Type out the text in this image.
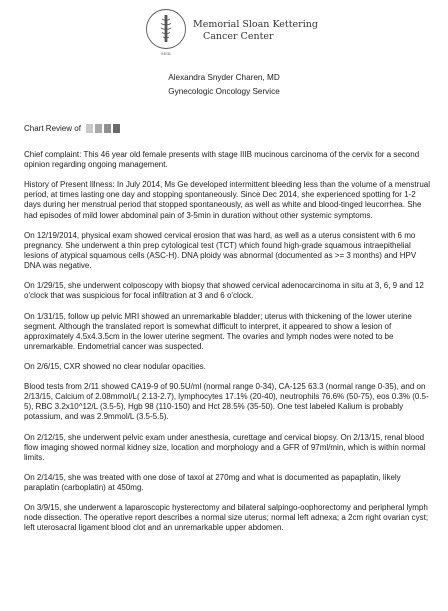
MSK
Memorial Sloan Kettering
Cancer Center
Alexandra Snyder Charen, MD
Gynecologic Oncology Service
Chart Review of

Chief complaint: This 46 year old female presents with stage IIIB mucinous carcinoma of the cervix for a second opinion regarding ongoing management.

History of Present Illness: In July 2014, Ms Ge developed intermittent bleeding less than the volume of a menstrual period, at times lasting one day and stopping spontaneously. Since Dec 2014, she experienced spotting for 1-2 days during her menstrual period that stopped spontaneously, as well as white and blood-tinged leucorrhea. She had episodes of mild lower abdominal pain of 3-5min in duration without other systemic symptoms.

On 12/19/2014, physical exam showed cervical erosion that was hard, as well as a uterus consistent with 6 mo pregnancy. She underwent a thin prep cytological test (TCT) which found high-grade squamous intraepithelial lesions of atypical squamous cells (ASC-H). DNA ploidy was abnormal (documented as >= 3 months) and HPV DNA was negative.

On 1/29/15, she underwent colposcopy with biopsy that showed cervical adenocarcinoma in situ at 3, 6, 9 and 12 o'clock that was suspicious for focal infiltration at 3 and 6 o'clock.

On 1/31/15, follow up pelvic MRI showed an unremarkable bladder; uterus with thickening of the lower uterine segment. Although the translated report is somewhat difficult to interpret, it appeared to show a lesion of approximately 4.5x4.3.5cm in the lower uterine segment. The ovaries and lymph nodes were noted to be unremarkable. Endometrial cancer was suspected.

On 2/6/15, CXR showed no clear nodular opacities.

Blood tests from 2/11 showed CA19-9 of 90.5U/ml (normal range 0-34), CA-125 63.3 (normal range 0-35), and on 2/13/15, Calcium of 2.08mmol/L( 2.13-2.7), lymphocytes 17.1% (20-40), neutrophils 76.6% (50-75), eos 0.3% (0.5-5), RBC 3.2x10^12/L (3.5-5), Hgb 98 (110-150) and Hct 28.5% (35-50). One test labeled Kalium is probably potassium, and was 2.9mmol/L (3.5-5.5).

On 2/12/15, she underwent pelvic exam under anesthesia, curettage and cervical biopsy. On 2/13/15, renal blood flow imaging showed normal kidney size, location and morphology and a GFR of 97ml/min, which is within normal limits.

On 2/14/15, she was treated with one dose of taxol at 270mg and what is documented as papaplatin, likely paraplatin (carboplatin) at 450mg.

On 3/9/15, she underwent a laparoscopic hysterectomy and bilateral salpingo-oophorectomy and peripheral lymph node dissection. The operative report describes a normal size uterus; normal left adnexa; a 2cm right ovarian cyst; left uterosacral ligament blood clot and an unremarkable upper abdomen.
